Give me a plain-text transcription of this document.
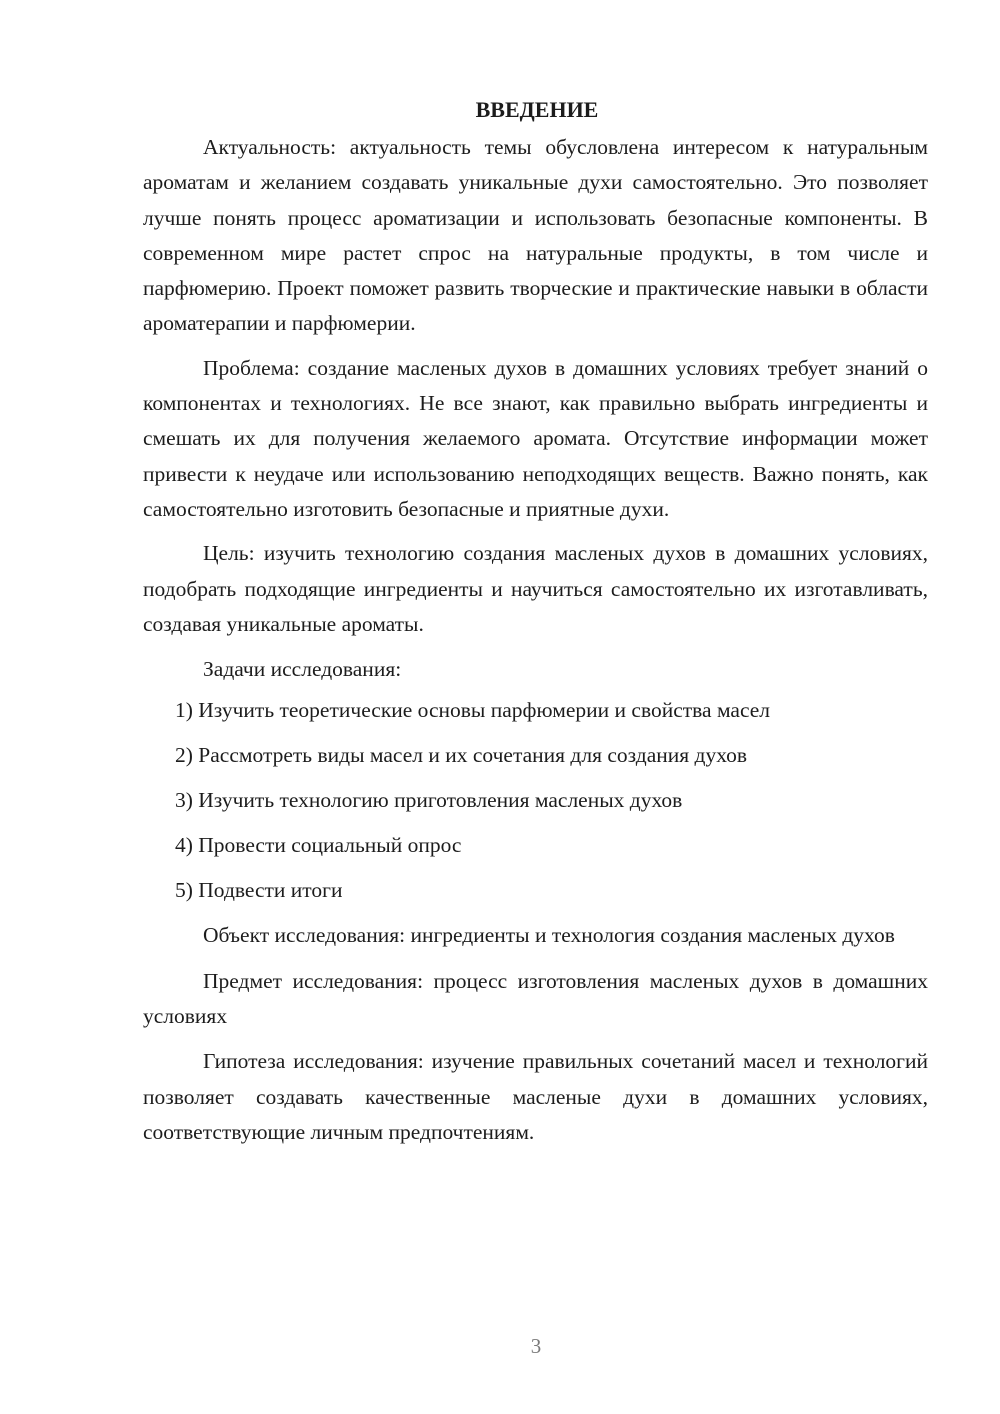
ВВЕДЕНИЕ

Актуальность: актуальность темы обусловлена интересом к натуральным ароматам и желанием создавать уникальные духи самостоятельно. Это позволяет лучше понять процесс ароматизации и использовать безопасные компоненты. В современном мире растет спрос на натуральные продукты, в том числе и парфюмерию. Проект поможет развить творческие и практические навыки в области ароматерапии и парфюмерии.

Проблема: создание масленых духов в домашних условиях требует знаний о компонентах и технологиях. Не все знают, как правильно выбрать ингредиенты и смешать их для получения желаемого аромата. Отсутствие информации может привести к неудаче или использованию неподходящих веществ. Важно понять, как самостоятельно изготовить безопасные и приятные духи.

Цель: изучить технологию создания масленых духов в домашних условиях, подобрать подходящие ингредиенты и научиться самостоятельно их изготавливать, создавая уникальные ароматы.

Задачи исследования:

1) Изучить теоретические основы парфюмерии и свойства масел
2) Рассмотреть виды масел и их сочетания для создания духов
3) Изучить технологию приготовления масленых духов
4) Провести социальный опрос
5) Подвести итоги

Объект исследования: ингредиенты и технология создания масленых духов

Предмет исследования: процесс изготовления масленых духов в домашних условиях

Гипотеза исследования: изучение правильных сочетаний масел и технологий позволяет создавать качественные масленые духи в домашних условиях, соответствующие личным предпочтениям.

3
